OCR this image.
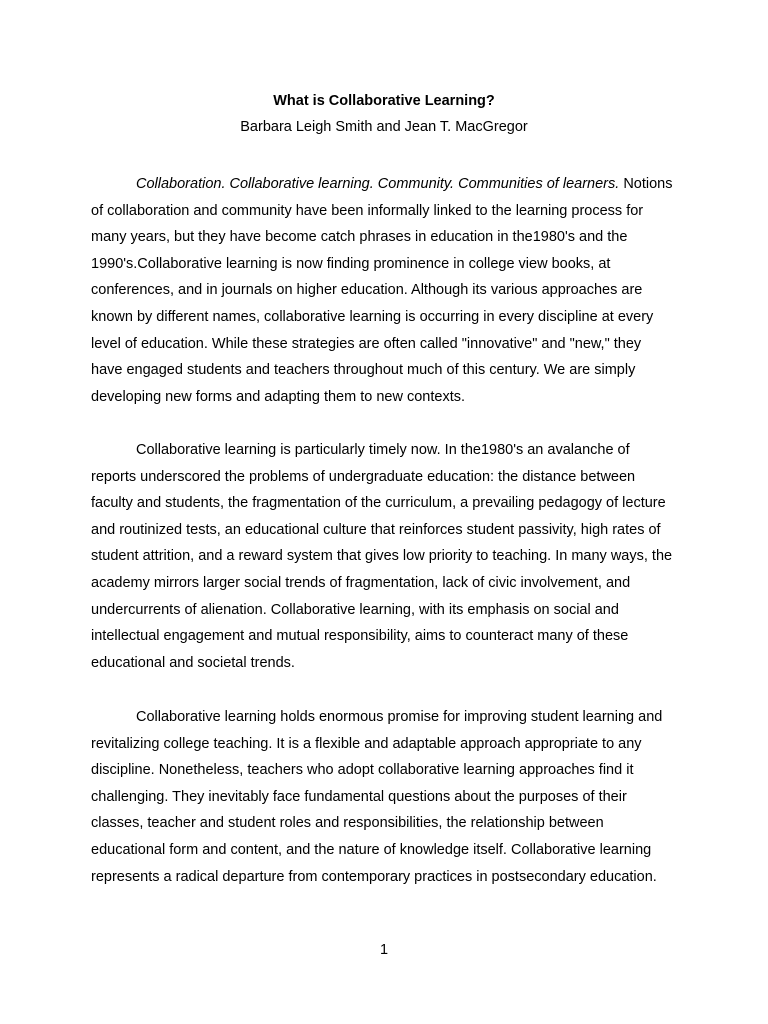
What is Collaborative Learning?
Barbara Leigh Smith and Jean T. MacGregor
Collaboration. Collaborative learning. Community. Communities of learners. Notions of collaboration and community have been informally linked to the learning process for many years, but they have become catch phrases in education in the1980's and the 1990's.Collaborative learning is now finding prominence in college view books, at conferences, and in journals on higher education. Although its various approaches are known by different names, collaborative learning is occurring in every discipline at every level of education. While these strategies are often called "innovative" and "new," they have engaged students and teachers throughout much of this century. We are simply developing new forms and adapting them to new contexts.
Collaborative learning is particularly timely now. In the1980's an avalanche of reports underscored the problems of undergraduate education: the distance between faculty and students, the fragmentation of the curriculum, a prevailing pedagogy of lecture and routinized tests, an educational culture that reinforces student passivity, high rates of student attrition, and a reward system that gives low priority to teaching. In many ways, the academy mirrors larger social trends of fragmentation, lack of civic involvement, and undercurrents of alienation. Collaborative learning, with its emphasis on social and intellectual engagement and mutual responsibility, aims to counteract many of these educational and societal trends.
Collaborative learning holds enormous promise for improving student learning and revitalizing college teaching. It is a flexible and adaptable approach appropriate to any discipline. Nonetheless, teachers who adopt collaborative learning approaches find it challenging. They inevitably face fundamental questions about the purposes of their classes, teacher and student roles and responsibilities, the relationship between educational form and content, and the nature of knowledge itself. Collaborative learning represents a radical departure from contemporary practices in postsecondary education.
1
